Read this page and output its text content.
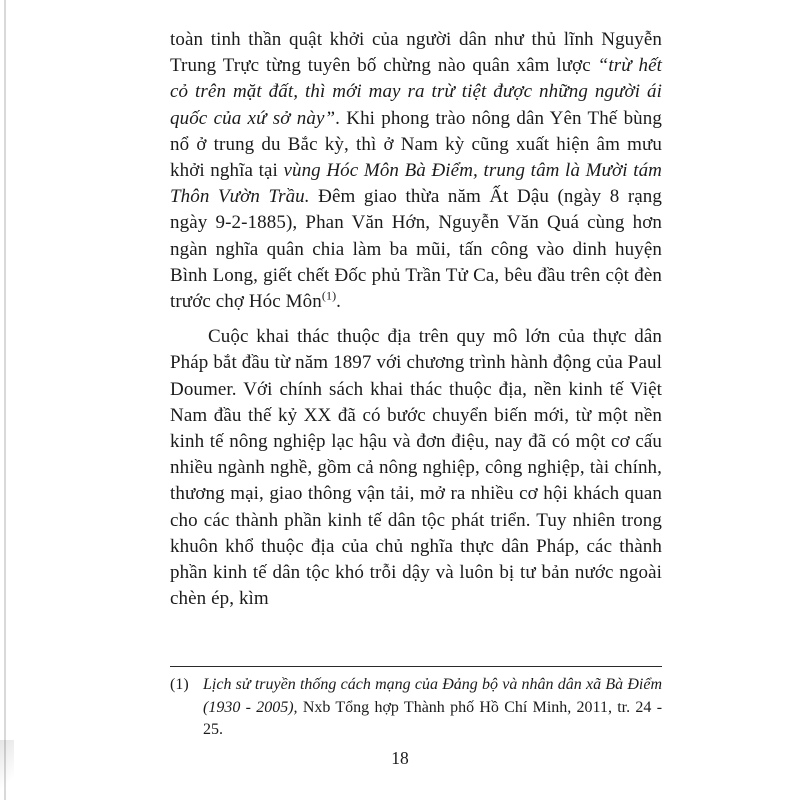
toàn tinh thần quật khởi của người dân như thủ lĩnh Nguyễn Trung Trực từng tuyên bố chừng nào quân xâm lược “trừ hết cỏ trên mặt đất, thì mới may ra trừ tiệt được những người ái quốc của xứ sở này”. Khi phong trào nông dân Yên Thế bùng nổ ở trung du Bắc kỳ, thì ở Nam kỳ cũng xuất hiện âm mưu khởi nghĩa tại vùng Hóc Môn Bà Điểm, trung tâm là Mười tám Thôn Vườn Trầu. Đêm giao thừa năm Ất Dậu (ngày 8 rạng ngày 9-2-1885), Phan Văn Hớn, Nguyễn Văn Quá cùng hơn ngàn nghĩa quân chia làm ba mũi, tấn công vào dinh huyện Bình Long, giết chết Đốc phủ Trần Tử Ca, bêu đầu trên cột đèn trước chợ Hóc Môn$^{(1)}$.

Cuộc khai thác thuộc địa trên quy mô lớn của thực dân Pháp bắt đầu từ năm 1897 với chương trình hành động của Paul Doumer. Với chính sách khai thác thuộc địa, nền kinh tế Việt Nam đầu thế kỷ XX đã có bước chuyển biến mới, từ một nền kinh tế nông nghiệp lạc hậu và đơn điệu, nay đã có một cơ cấu nhiều ngành nghề, gồm cả nông nghiệp, công nghiệp, tài chính, thương mại, giao thông vận tải, mở ra nhiều cơ hội khách quan cho các thành phần kinh tế dân tộc phát triển. Tuy nhiên trong khuôn khổ thuộc địa của chủ nghĩa thực dân Pháp, các thành phần kinh tế dân tộc khó trỗi dậy và luôn bị tư bản nước ngoài chèn ép, kìm

(1) Lịch sử truyền thống cách mạng của Đảng bộ và nhân dân xã Bà Điểm (1930 - 2005), Nxb Tổng hợp Thành phố Hồ Chí Minh, 2011, tr. 24 - 25.

18
